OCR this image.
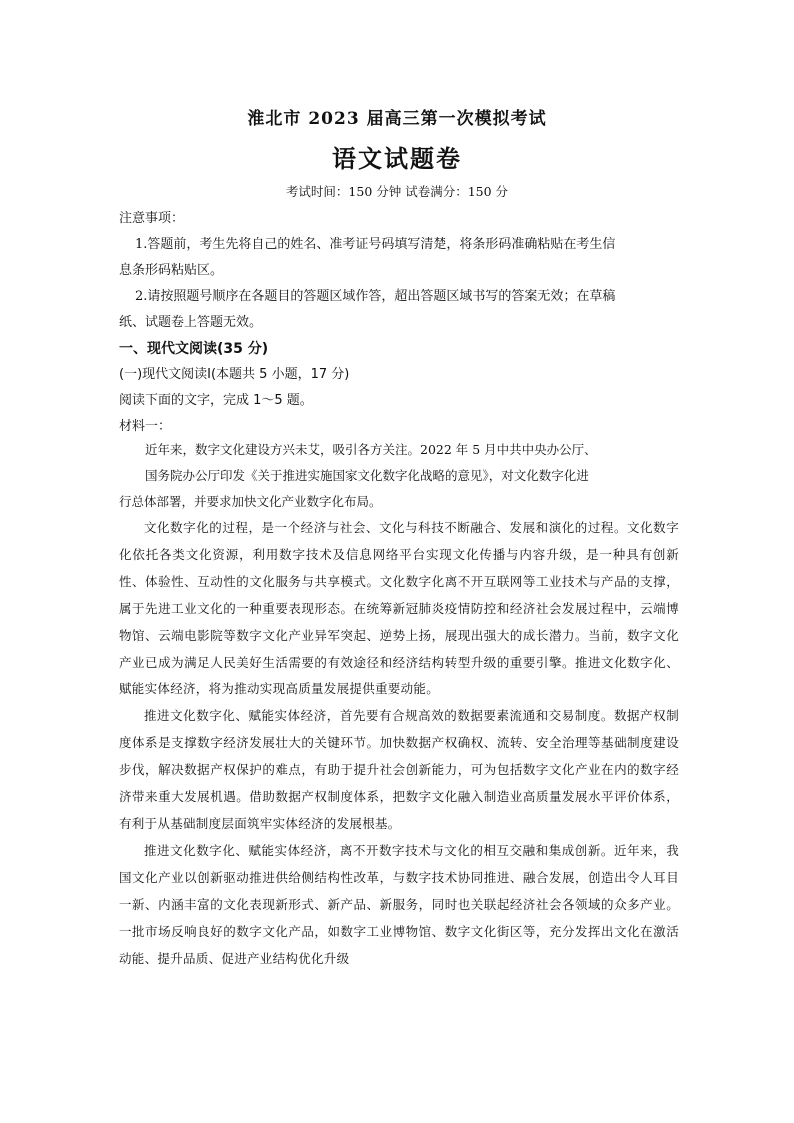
淮北市 2023 届高三第一次模拟考试
语文试题卷
考试时间：150 分钟 试卷满分：150 分
注意事项：
1.答题前，考生先将自己的姓名、准考证号码填写清楚，将条形码准确粘贴在考生信
息条形码粘贴区。
2.请按照题号顺序在各题目的答题区域作答，超出答题区域书写的答案无效；在草稿
纸、试题卷上答题无效。
一、现代文阅读(35 分)
(一)现代文阅读Ⅰ(本题共 5 小题，17 分)
阅读下面的文字，完成 1～5 题。
材料一：
近年来，数字文化建设方兴未艾，吸引各方关注。2022 年 5 月中共中央办公厅、
国务院办公厅印发《关于推进实施国家文化数字化战略的意见》，对文化数字化进
行总体部署，并要求加快文化产业数字化布局。

文化数字化的过程，是一个经济与社会、文化与科技不断融合、发展和演化的过程。文化数字化依托各类文化资源，利用数字技术及信息网络平台实现文化传播与内容升级，是一种具有创新性、体验性、互动性的文化服务与共享模式。文化数字化离不开互联网等工业技术与产品的支撑，属于先进工业文化的一种重要表现形态。在统筹新冠肺炎疫情防控和经济社会发展过程中，云端博物馆、云端电影院等数字文化产业异军突起、逆势上扬，展现出强大的成长潜力。当前，数字文化产业已成为满足人民美好生活需要的有效途径和经济结构转型升级的重要引擎。推进文化数字化、赋能实体经济，将为推动实现高质量发展提供重要动能。

推进文化数字化、赋能实体经济，首先要有合规高效的数据要素流通和交易制度。数据产权制度体系是支撑数字经济发展壮大的关键环节。加快数据产权确权、流转、安全治理等基础制度建设步伐，解决数据产权保护的难点，有助于提升社会创新能力，可为包括数字文化产业在内的数字经济带来重大发展机遇。借助数据产权制度体系，把数字文化融入制造业高质量发展水平评价体系，有利于从基础制度层面筑牢实体经济的发展根基。

推进文化数字化、赋能实体经济，离不开数字技术与文化的相互交融和集成创新。近年来，我国文化产业以创新驱动推进供给侧结构性改革，与数字技术协同推进、融合发展，创造出令人耳目一新、内涵丰富的文化表现新形式、新产品、新服务，同时也关联起经济社会各领域的众多产业。一批市场反响良好的数字文化产品，如数字工业博物馆、数字文化街区等，充分发挥出文化在激活动能、提升品质、促进产业结构优化升级
